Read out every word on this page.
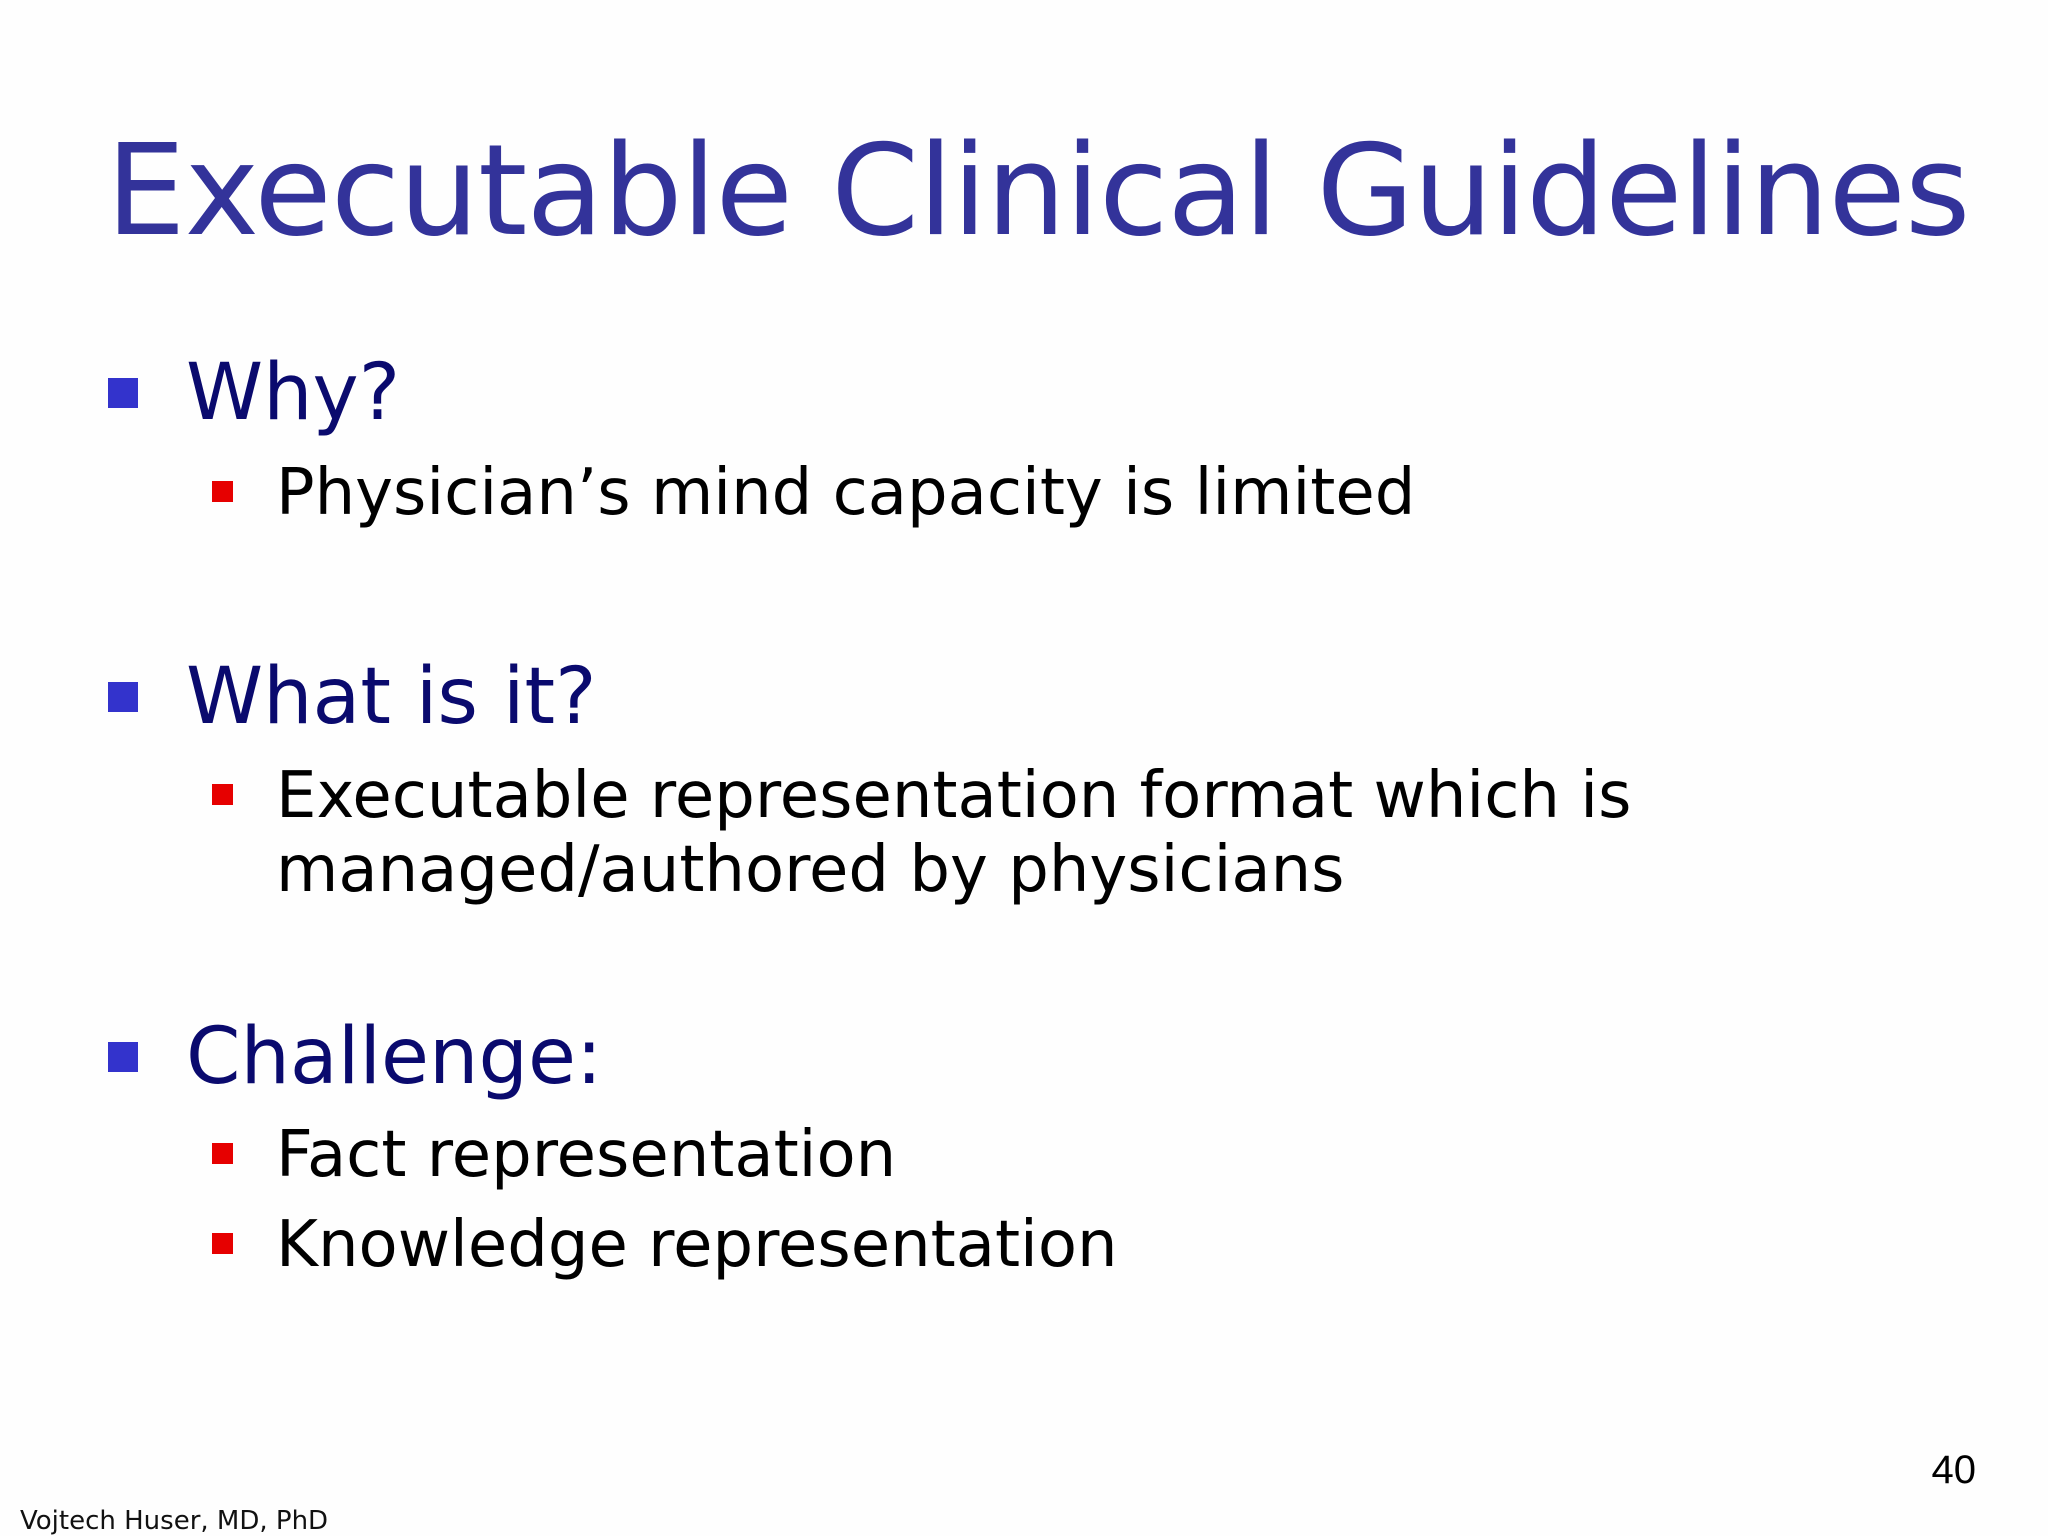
Executable Clinical Guidelines
Why?
Physician’s mind capacity is limited
What is it?
Executable representation format which is
managed/authored by physicians
Challenge:
Fact representation
Knowledge representation
40
Vojtech Huser, MD, PhD
